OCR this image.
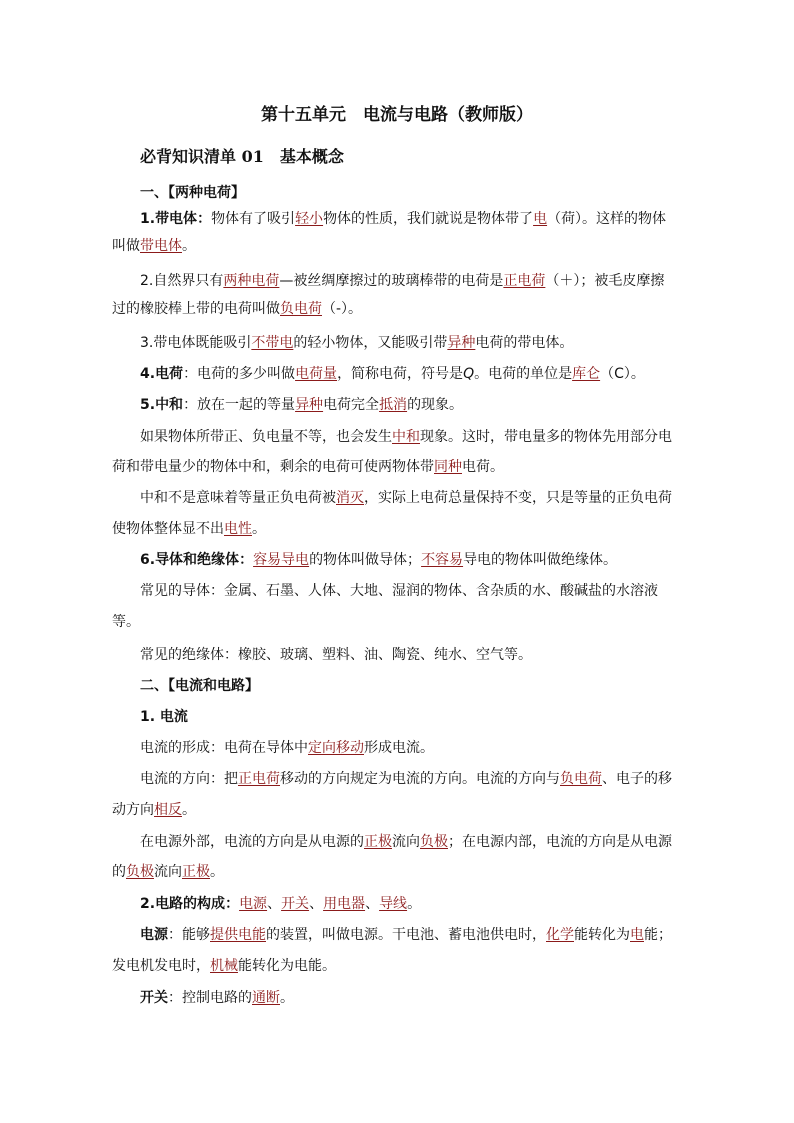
第十五单元　电流与电路（教师版）
必背知识清单 01　基本概念
一、【两种电荷】
1.带电体：物体有了吸引轻小物体的性质，我们就说是物体带了电（荷）。这样的物体
叫做带电体。
2.自然界只有两种电荷—被丝绸摩擦过的玻璃棒带的电荷是正电荷（＋）；被毛皮摩擦
过的橡胶棒上带的电荷叫做负电荷（-）。
3.带电体既能吸引不带电的轻小物体，又能吸引带异种电荷的带电体。
4.电荷：电荷的多少叫做电荷量，简称电荷，符号是Q。电荷的单位是库仑（C）。
5.中和：放在一起的等量异种电荷完全抵消的现象。
如果物体所带正、负电量不等，也会发生中和现象。这时，带电量多的物体先用部分电
荷和带电量少的物体中和，剩余的电荷可使两物体带同种电荷。
中和不是意味着等量正负电荷被消灭，实际上电荷总量保持不变，只是等量的正负电荷
使物体整体显不出电性。
6.导体和绝缘体：容易导电的物体叫做导体；不容易导电的物体叫做绝缘体。
常见的导体：金属、石墨、人体、大地、湿润的物体、含杂质的水、酸碱盐的水溶液
等。
常见的绝缘体：橡胶、玻璃、塑料、油、陶瓷、纯水、空气等。
二、【电流和电路】
1. 电流
电流的形成：电荷在导体中定向移动形成电流。
电流的方向：把正电荷移动的方向规定为电流的方向。电流的方向与负电荷、电子的移
动方向相反。
在电源外部，电流的方向是从电源的正极流向负极；在电源内部，电流的方向是从电源
的负极流向正极。
2.电路的构成：电源、开关、用电器、导线。
电源：能够提供电能的装置，叫做电源。干电池、蓄电池供电时，化学能转化为电能；
发电机发电时，机械能转化为电能。
开关：控制电路的通断。
